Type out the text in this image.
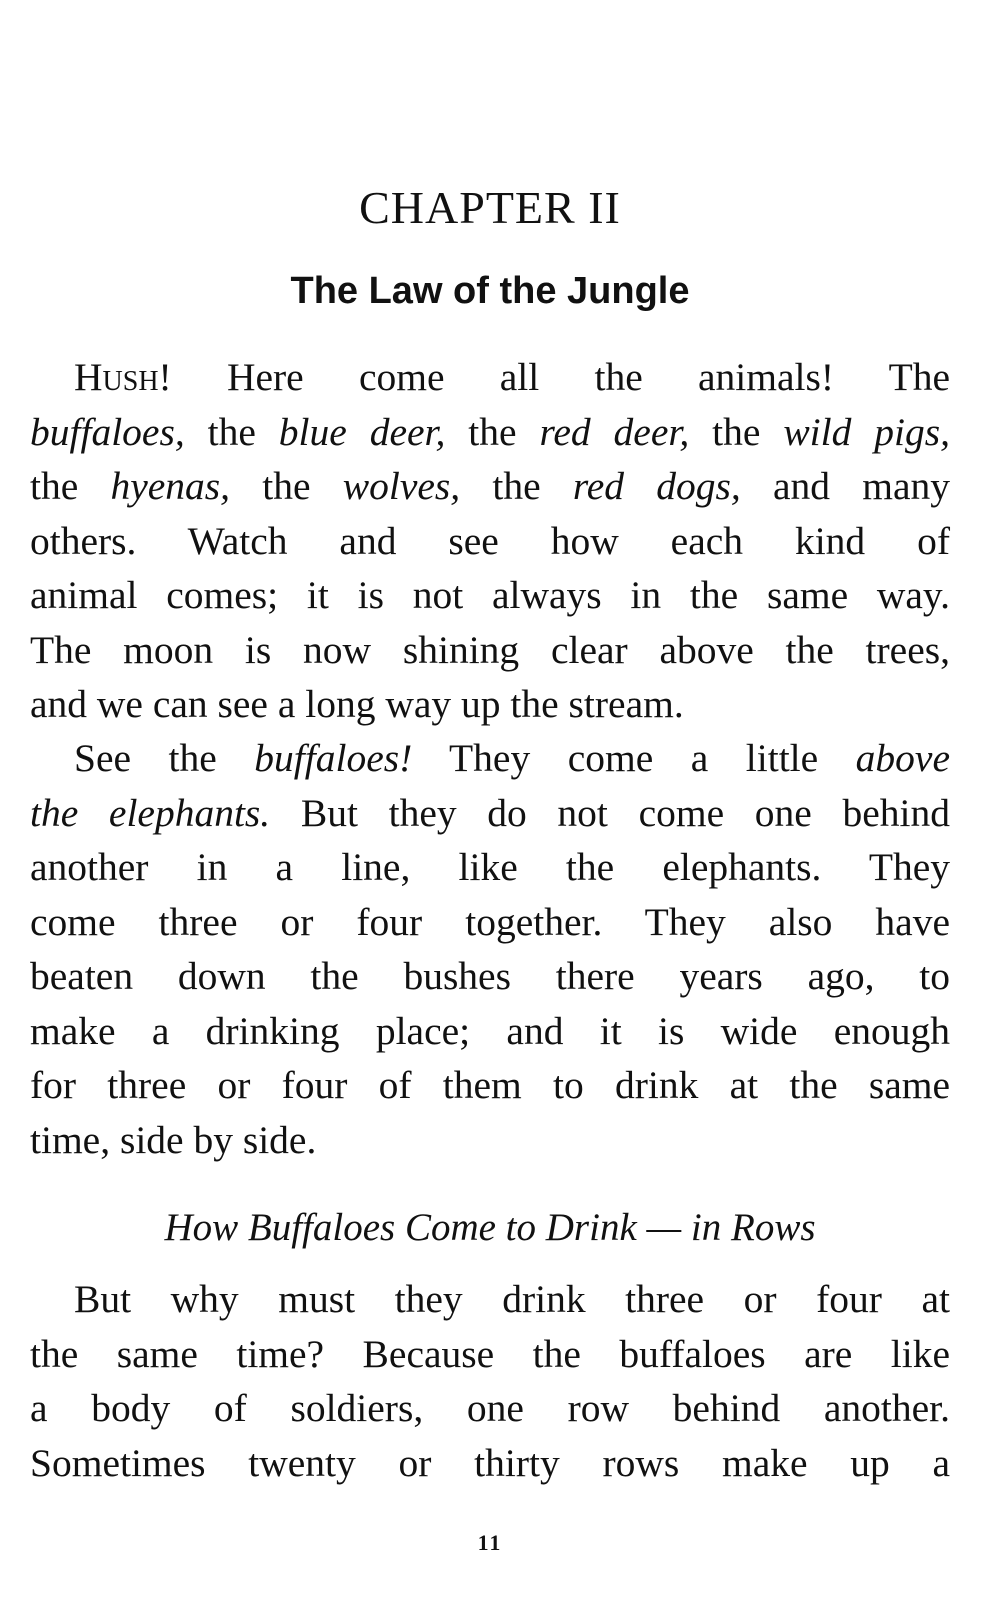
CHAPTER II
The Law of the Jungle
Hush! Here come all the animals! The
buffaloes, the blue deer, the red deer, the wild pigs,
the hyenas, the wolves, the red dogs, and many
others. Watch and see how each kind of
animal comes; it is not always in the same way.
The moon is now shining clear above the trees,
and we can see a long way up the stream.
See the buffaloes! They come a little above
the elephants. But they do not come one behind
another in a line, like the elephants. They
come three or four together. They also have
beaten down the bushes there years ago, to
make a drinking place; and it is wide enough
for three or four of them to drink at the same
time, side by side.
How Buffaloes Come to Drink — in Rows
But why must they drink three or four at
the same time? Because the buffaloes are like
a body of soldiers, one row behind another.
Sometimes twenty or thirty rows make up a
11
